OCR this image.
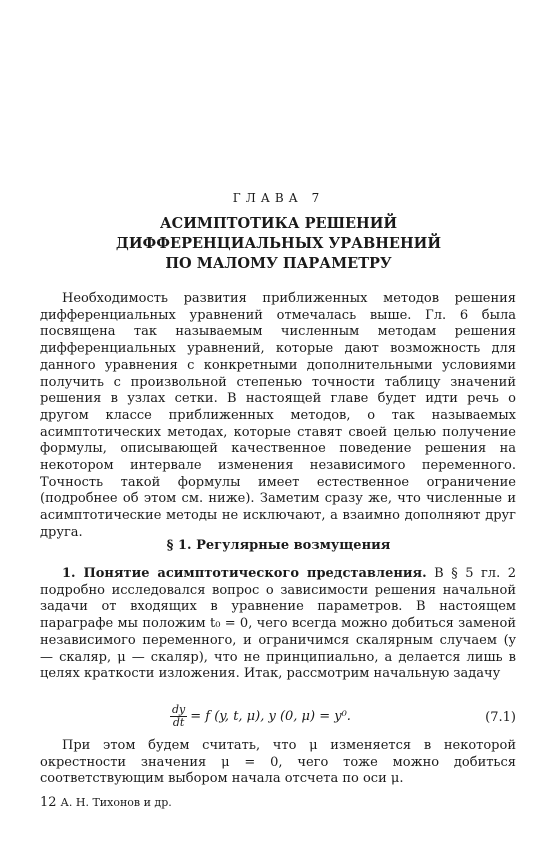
ГЛАВА 7
АСИМПТОТИКА РЕШЕНИЙ
ДИФФЕРЕНЦИАЛЬНЫХ УРАВНЕНИЙ
ПО МАЛОМУ ПАРАМЕТРУ
Необходимость развития приближенных методов решения дифференциальных уравнений отмечалась выше. Гл. 6 была посвящена так называемым численным методам решения дифференциальных уравнений, которые дают возможность для данного уравнения с конкретными дополнительными условиями получить с произвольной степенью точности таблицу значений решения в узлах сетки. В настоящей главе будет идти речь о другом классе приближенных методов, о так называемых асимптотических методах, которые ставят своей целью получение формулы, описывающей качественное поведение решения на некотором интервале изменения независимого переменного. Точность такой формулы имеет естественное ограничение (подробнее об этом см. ниже). Заметим сразу же, что численные и асимптотические методы не исключают, а взаимно дополняют друг друга.
§ 1. Регулярные возмущения
1. Понятие асимптотического представления. В § 5 гл. 2 подробно исследовался вопрос о зависимости решения начальной задачи от входящих в уравнение параметров. В настоящем параграфе мы положим t₀ = 0, чего всегда можно добиться заменой независимого переменного, и ограничимся скалярным случаем (y — скаляр, μ — скаляр), что не принципиально, а делается лишь в целях краткости изложения. Итак, рассмотрим начальную задачу
$\frac{dy}{dt} = f$ (y, t, μ), y (0, μ) = y⁰.	(7.1)
При этом будем считать, что μ изменяется в некоторой окрестности значения μ = 0, чего тоже можно добиться соответствующим выбором начала отсчета по оси μ.
12 А. Н. Тихонов и др.
